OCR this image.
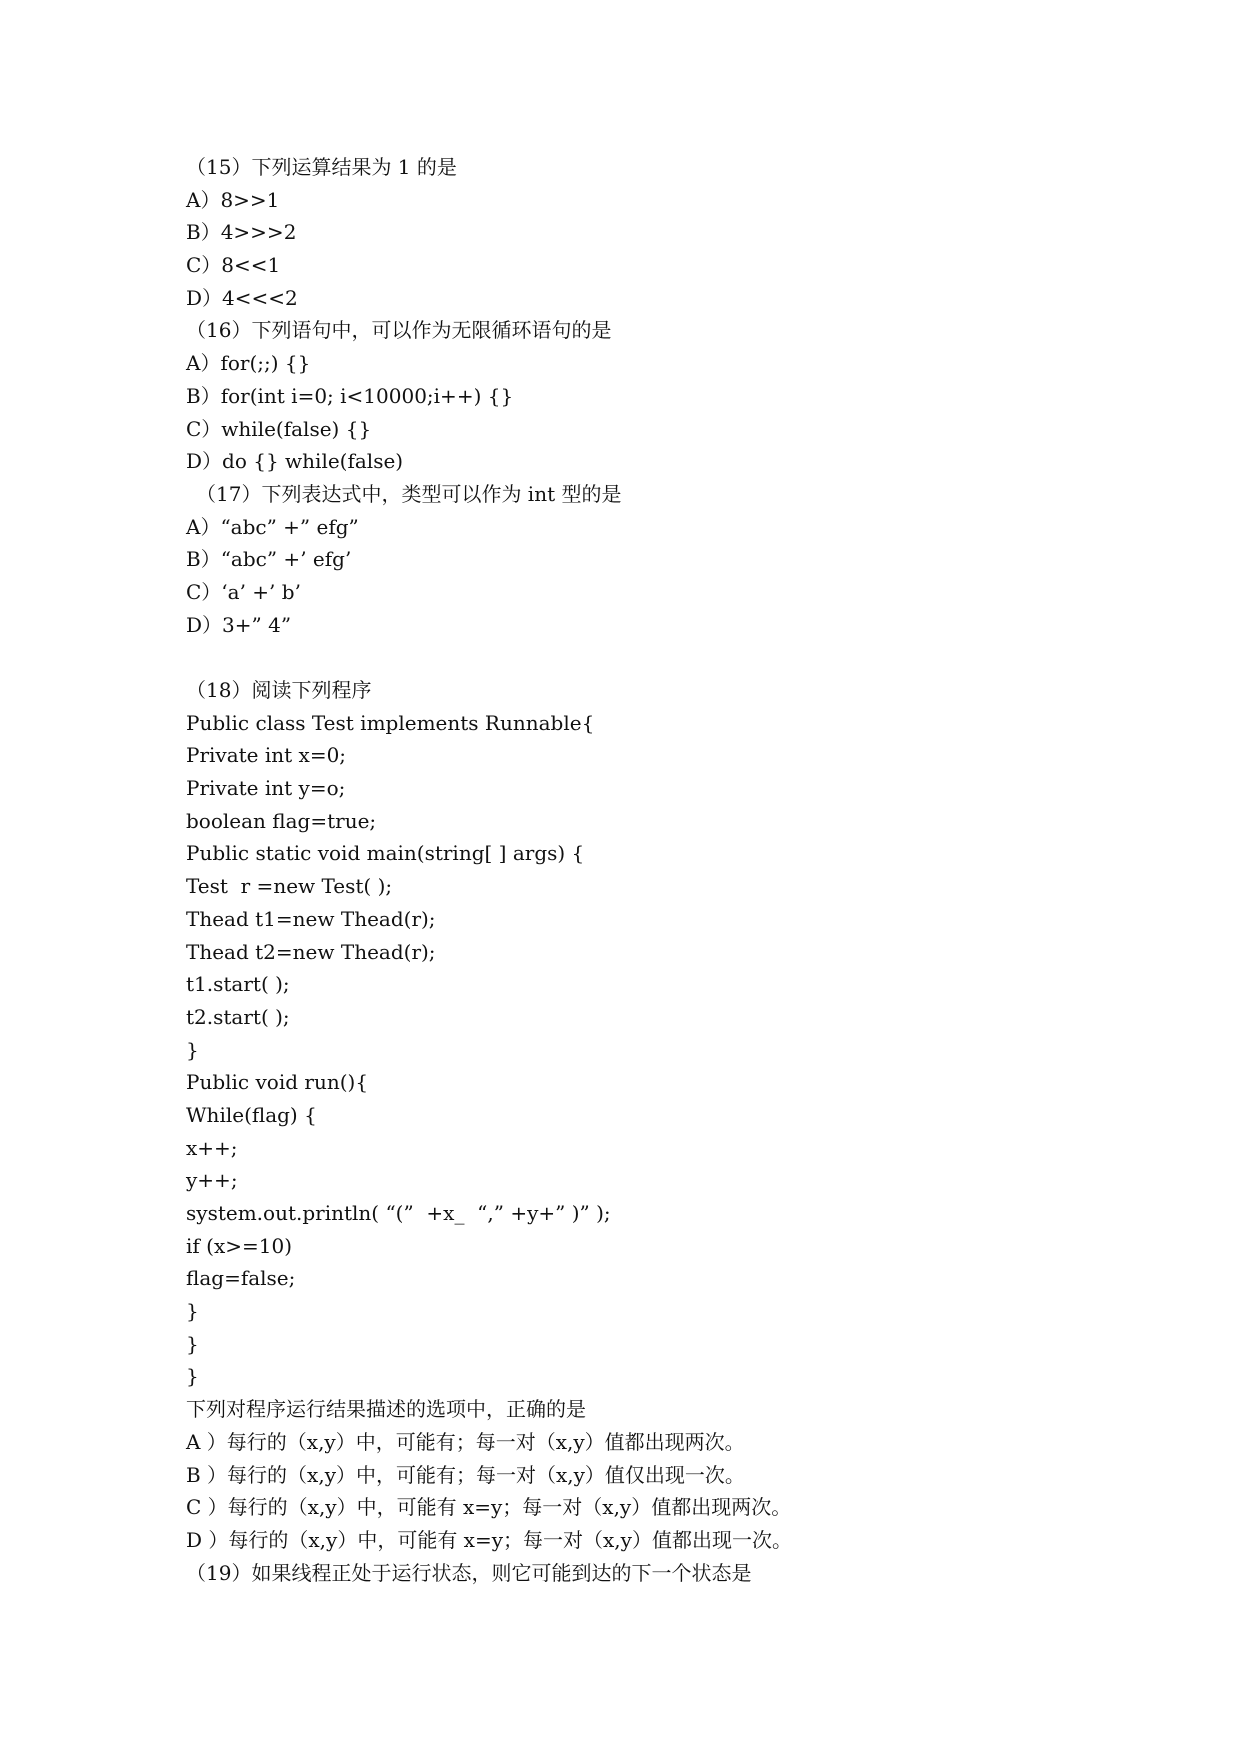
（15）下列运算结果为 1 的是
A）8>>1
B）4>>>2
C）8<<1
D）4<<<2
（16）下列语句中，可以作为无限循环语句的是
A）for(;;) {}
B）for(int i=0; i<10000;i++) {}
C）while(false) {}
D）do {} while(false)
（17）下列表达式中，类型可以作为 int 型的是
A）“abc” +” efg”
B）“abc” +’ efg’
C）‘a’ +’ b’
D）3+” 4”
（18）阅读下列程序
Public class Test implements Runnable{
Private int x=0;
Private int y=o;
boolean flag=true;
Public static void main(string[ ] args) {
Test  r =new Test( );
Thead t1=new Thead(r);
Thead t2=new Thead(r);
t1.start( );
t2.start( );
}
Public void run(){
While(flag) {
x++;
y++;
system.out.println( “(”  +x_  “,” +y+” )” );
if (x>=10)
flag=false;
}
}
}
下列对程序运行结果描述的选项中，正确的是
A ）每行的（x,y）中，可能有；每一对（x,y）值都出现两次。
B ）每行的（x,y）中，可能有；每一对（x,y）值仅出现一次。
C ）每行的（x,y）中，可能有 x=y；每一对（x,y）值都出现两次。
D ）每行的（x,y）中，可能有 x=y；每一对（x,y）值都出现一次。
（19）如果线程正处于运行状态，则它可能到达的下一个状态是
